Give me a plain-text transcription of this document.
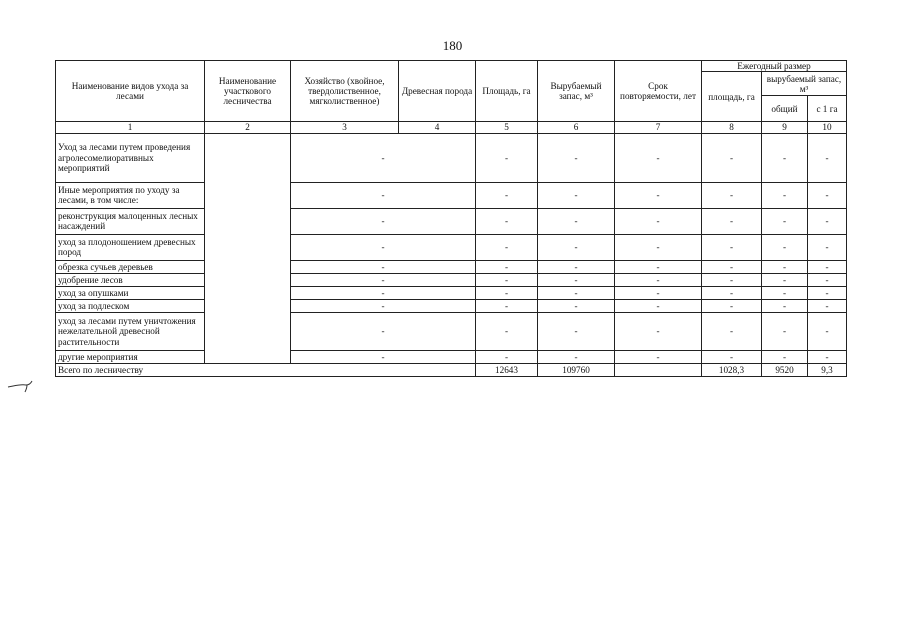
180
Наименование видов ухода за лесами	Наименование участкового лесничества	Хозяйство (хвойное, твердолиственное, мягколиственное)	Древесная порода	Площадь, га	Вырубаемый запас, м³	Срок повторяемости, лет	Ежегодный размер		
							площадь, га	вырубаемый запас, м³	
								общий	с 1 га
1	2	3	4	5	6	7	8	9	10
Уход за лесами путем проведения агролесомелиоративных мероприятий		-		-	-	-	-	-	-
Иные мероприятия по уходу за лесами, в том числе:		-		-	-	-	-	-	-
реконструкция малоценных лесных насаждений		-		-	-	-	-	-	-
уход за плодоношением древесных пород		-		-	-	-	-	-	-
обрезка сучьев деревьев		-		-	-	-	-	-	-
удобрение лесов		-		-	-	-	-	-	-
уход за опушками		-		-	-	-	-	-	-
уход за подлеском		-		-	-	-	-	-	-
уход за лесами путем уничтожения нежелательной древесной растительности		-		-	-	-	-	-	-
другие мероприятия		-		-	-	-	-	-	-
Всего по лесничеству				12643	109760		1028,3	9520	9,3
